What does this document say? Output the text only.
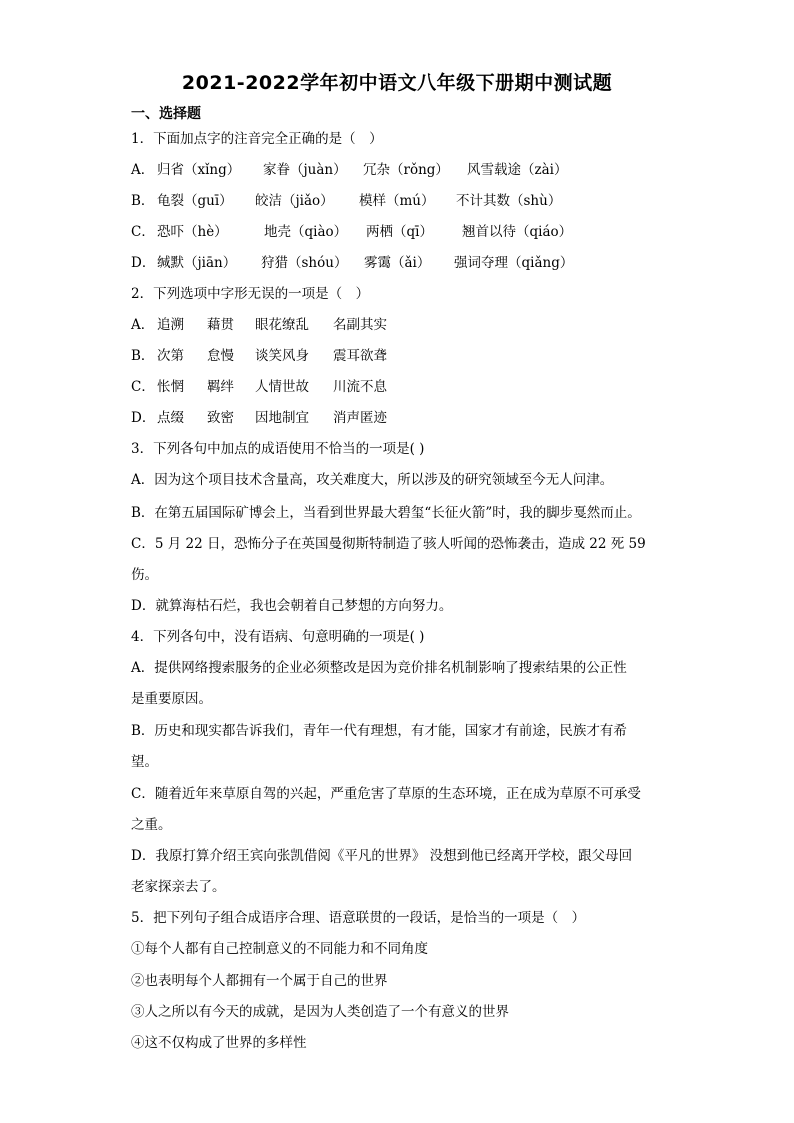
2021-2022学年初中语文八年级下册期中测试题
一、选择题
1．下面加点字的注音完全正确的是（　）
A． 归省（xǐng）	家眷（juàn）	冗杂（rǒng）	风雪载途（zài）
B． 龟裂（guī）	皎洁（jiǎo）	模样（mú）	不计其数（shù）
C． 恐吓（hè）	地壳（qiào）	两栖（qī）	翘首以待（qiáo）
D． 缄默（jiān）	狩猎（shóu）	雾霭（ǎi）	强词夺理（qiǎng）
2．下列选项中字形无误的一项是（　）
A． 追溯	藉贯	眼花缭乱	名副其实
B． 次第	怠慢	谈笑风身	震耳欲聋
C． 怅惘	羁绊	人情世故	川流不息
D． 点缀	致密	因地制宜	消声匿迹
3．下列各句中加点的成语使用不恰当的一项是( )
A．因为这个项目技术含量高，攻关难度大，所以涉及的研究领域至今无人问津。
B．在第五届国际矿博会上，当看到世界最大碧玺“长征火箭”时，我的脚步戛然而止。
C．5 月 22 日，恐怖分子在英国曼彻斯特制造了骇人听闻的恐怖袭击，造成 22 死 59
伤。
D．就算海枯石烂，我也会朝着自己梦想的方向努力。
4．下列各句中，没有语病、句意明确的一项是( )
A．提供网络搜索服务的企业必须整改是因为竞价排名机制影响了搜索结果的公正性
是重要原因。
B．历史和现实都告诉我们，青年一代有理想，有才能，国家才有前途，民族才有希
望。
C．随着近年来草原自驾的兴起，严重危害了草原的生态环境，正在成为草原不可承受
之重。
D．我原打算介绍王宾向张凯借阅《平凡的世界》 没想到他已经离开学校，跟父母回
老家探亲去了。
5．把下列句子组合成语序合理、语意联贯的一段话，是恰当的一项是（　）
①每个人都有自己控制意义的不同能力和不同角度
②也表明每个人都拥有一个属于自己的世界
③人之所以有今天的成就，是因为人类创造了一个有意义的世界
④这不仅构成了世界的多样性
